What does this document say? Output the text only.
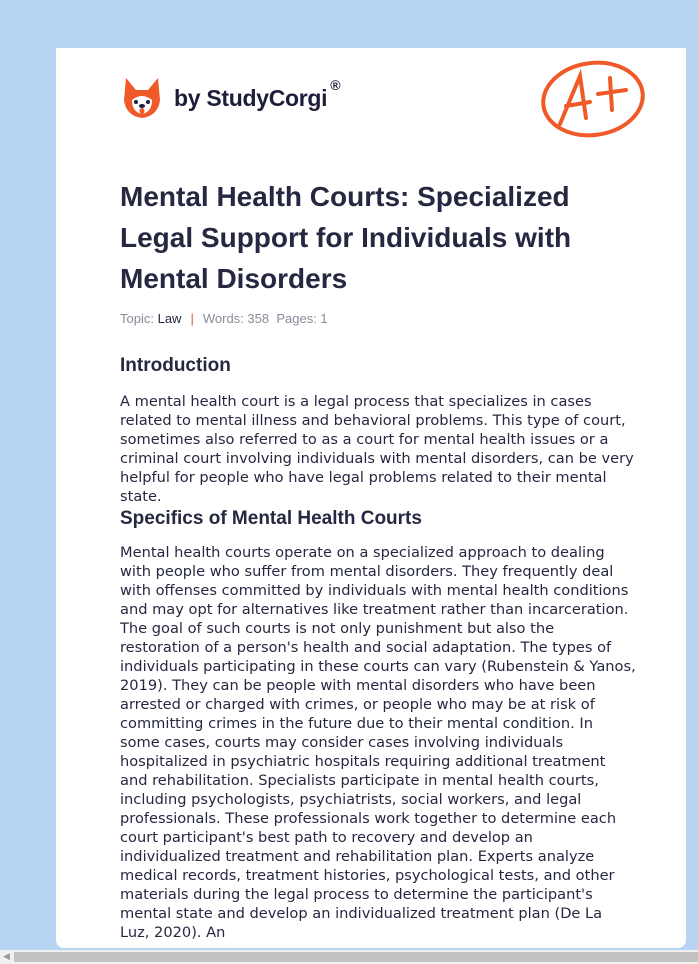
by StudyCorgi ®
Mental Health Courts: Specialized Legal Support for Individuals with Mental Disorders
Topic: Law | Words: 358 Pages: 1
Introduction

A mental health court is a legal process that specializes in cases related to mental illness and behavioral problems. This type of court, sometimes also referred to as a court for mental health issues or a criminal court involving individuals with mental disorders, can be very helpful for people who have legal problems related to their mental state.

Specifics of Mental Health Courts

Mental health courts operate on a specialized approach to dealing with people who suffer from mental disorders. They frequently deal with offenses committed by individuals with mental health conditions and may opt for alternatives like treatment rather than incarceration. The goal of such courts is not only punishment but also the restoration of a person's health and social adaptation. The types of individuals participating in these courts can vary (Rubenstein & Yanos, 2019). They can be people with mental disorders who have been arrested or charged with crimes, or people who may be at risk of committing crimes in the future due to their mental condition. In some cases, courts may consider cases involving individuals hospitalized in psychiatric hospitals requiring additional treatment and rehabilitation. Specialists participate in mental health courts, including psychologists, psychiatrists, social workers, and legal professionals. These professionals work together to determine each court participant's best path to recovery and develop an individualized treatment and rehabilitation plan. Experts analyze medical records, treatment histories, psychological tests, and other materials during the legal process to determine the participant's mental state and develop an individualized treatment plan (De La Luz, 2020). An

◀
